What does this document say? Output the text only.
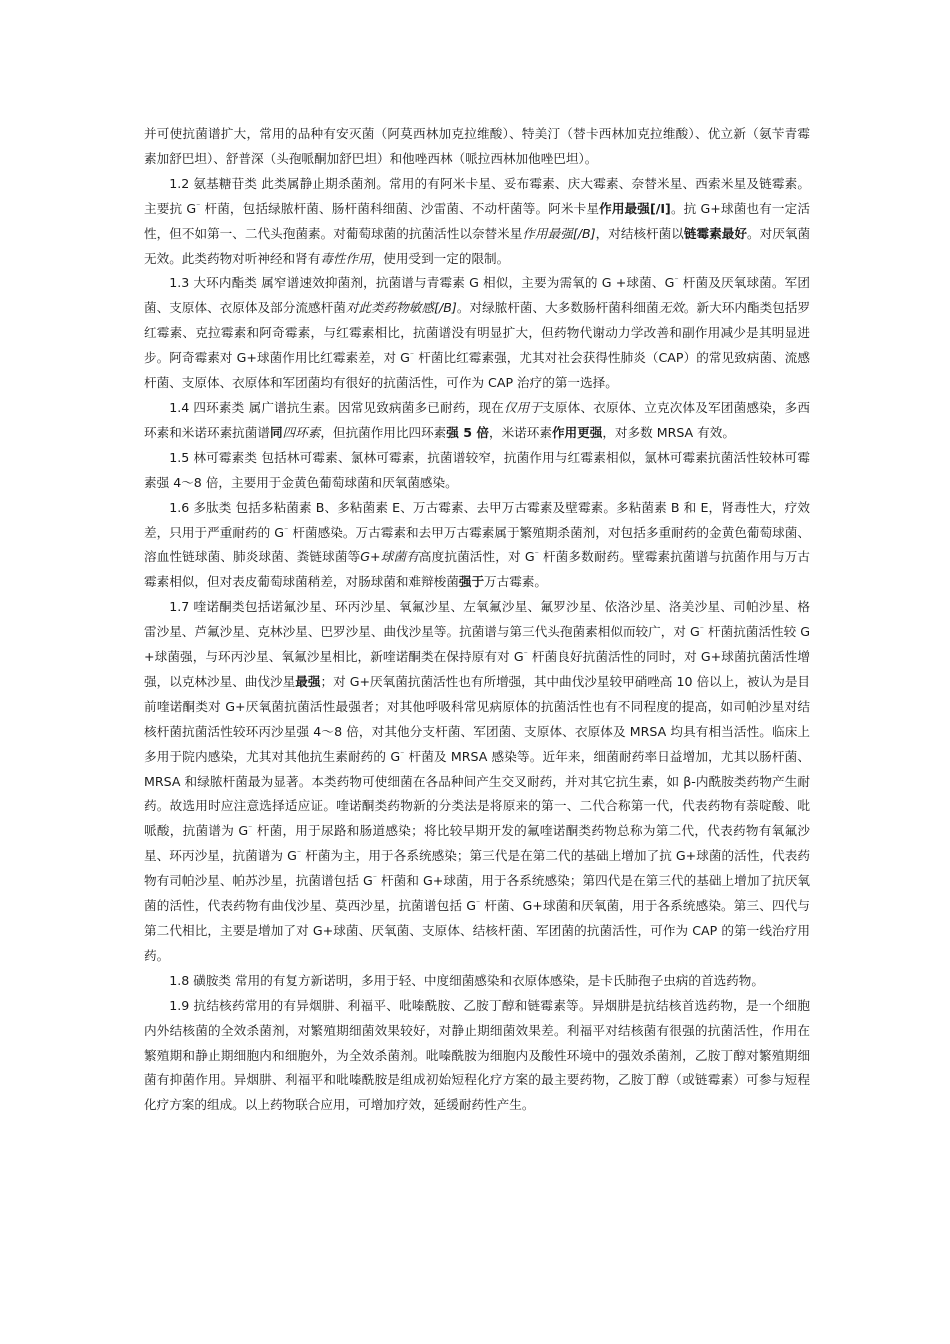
并可使抗菌谱扩大，常用的品种有安灭菌（阿莫西林加克拉维酸）、特美汀（替卡西林加克拉维酸）、优立新（氨苄青霉素加舒巴坦）、舒普深（头孢哌酮加舒巴坦）和他唑西林（哌拉西林加他唑巴坦）。

1.2 氨基糖苷类 此类属静止期杀菌剂。常用的有阿米卡星、妥布霉素、庆大霉素、奈替米星、西索米星及链霉素。主要抗 G⁻ 杆菌，包括绿脓杆菌、肠杆菌科细菌、沙雷菌、不动杆菌等。阿米卡星作用最强[/I]。抗 G+球菌也有一定活性，但不如第一、二代头孢菌素。对葡萄球菌的抗菌活性以奈替米星作用最强[/B]，对结核杆菌以链霉素最好。对厌氧菌无效。此类药物对听神经和肾有毒性作用，使用受到一定的限制。

1.3 大环内酯类 属窄谱速效抑菌剂，抗菌谱与青霉素 G 相似，主要为需氧的 G +球菌、G⁻ 杆菌及厌氧球菌。军团菌、支原体、衣原体及部分流感杆菌对此类药物敏感[/B]。对绿脓杆菌、大多数肠杆菌科细菌无效。新大环内酯类包括罗红霉素、克拉霉素和阿奇霉素，与红霉素相比，抗菌谱没有明显扩大，但药物代谢动力学改善和副作用减少是其明显进步。阿奇霉素对 G+球菌作用比红霉素差，对 G⁻ 杆菌比红霉素强，尤其对社会获得性肺炎（CAP）的常见致病菌、流感杆菌、支原体、衣原体和军团菌均有很好的抗菌活性，可作为 CAP 治疗的第一选择。

1.4 四环素类 属广谱抗生素。因常见致病菌多已耐药，现在仅用于支原体、衣原体、立克次体及军团菌感染，多西环素和米诺环素抗菌谱同四环素，但抗菌作用比四环素强 5 倍，米诺环素作用更强，对多数 MRSA 有效。

1.5 林可霉素类 包括林可霉素、氯林可霉素，抗菌谱较窄，抗菌作用与红霉素相似，氯林可霉素抗菌活性较林可霉素强 4～8 倍，主要用于金黄色葡萄球菌和厌氧菌感染。

1.6 多肽类 包括多粘菌素 B、多粘菌素 E、万古霉素、去甲万古霉素及壁霉素。多粘菌素 B 和 E，肾毒性大，疗效差，只用于严重耐药的 G⁻ 杆菌感染。万古霉素和去甲万古霉素属于繁殖期杀菌剂，对包括多重耐药的金黄色葡萄球菌、溶血性链球菌、肺炎球菌、粪链球菌等G+球菌有高度抗菌活性，对 G⁻ 杆菌多数耐药。壁霉素抗菌谱与抗菌作用与万古霉素相似，但对表皮葡萄球菌稍差，对肠球菌和难辩梭菌强于万古霉素。

1.7 喹诺酮类包括诺氟沙星、环丙沙星、氧氟沙星、左氧氟沙星、氟罗沙星、依洛沙星、洛美沙星、司帕沙星、格雷沙星、芦氟沙星、克林沙星、巴罗沙星、曲伐沙星等。抗菌谱与第三代头孢菌素相似而较广，对 G⁻ 杆菌抗菌活性较 G+球菌强，与环丙沙星、氧氟沙星相比，新喹诺酮类在保持原有对 G⁻ 杆菌良好抗菌活性的同时，对 G+球菌抗菌活性增强，以克林沙星、曲伐沙星最强；对 G+厌氧菌抗菌活性也有所增强，其中曲伐沙星较甲硝唑高 10 倍以上，被认为是目前喹诺酮类对 G+厌氧菌抗菌活性最强者；对其他呼吸科常见病原体的抗菌活性也有不同程度的提高，如司帕沙星对结核杆菌抗菌活性较环丙沙星强 4～8 倍，对其他分支杆菌、军团菌、支原体、衣原体及 MRSA 均具有相当活性。临床上多用于院内感染，尤其对其他抗生素耐药的 G⁻ 杆菌及 MRSA 感染等。近年来，细菌耐药率日益增加，尤其以肠杆菌、MRSA 和绿脓杆菌最为显著。本类药物可使细菌在各品种间产生交叉耐药，并对其它抗生素，如 β-内酰胺类药物产生耐药。故选用时应注意选择适应证。喹诺酮类药物新的分类法是将原来的第一、二代合称第一代，代表药物有萘啶酸、吡哌酸，抗菌谱为 G⁻ 杆菌，用于尿路和肠道感染；将比较早期开发的氟喹诺酮类药物总称为第二代，代表药物有氧氟沙星、环丙沙星，抗菌谱为 G⁻ 杆菌为主，用于各系统感染；第三代是在第二代的基础上增加了抗 G+球菌的活性，代表药物有司帕沙星、帕苏沙星，抗菌谱包括 G⁻ 杆菌和 G+球菌，用于各系统感染；第四代是在第三代的基础上增加了抗厌氧菌的活性，代表药物有曲伐沙星、莫西沙星，抗菌谱包括 G⁻ 杆菌、G+球菌和厌氧菌，用于各系统感染。第三、四代与第二代相比，主要是增加了对 G+球菌、厌氧菌、支原体、结核杆菌、军团菌的抗菌活性，可作为 CAP 的第一线治疗用药。

1.8 磺胺类 常用的有复方新诺明，多用于轻、中度细菌感染和衣原体感染，是卡氏肺孢子虫病的首选药物。

1.9 抗结核药常用的有异烟肼、利福平、吡嗪酰胺、乙胺丁醇和链霉素等。异烟肼是抗结核首选药物，是一个细胞内外结核菌的全效杀菌剂，对繁殖期细菌效果较好，对静止期细菌效果差。利福平对结核菌有很强的抗菌活性，作用在繁殖期和静止期细胞内和细胞外，为全效杀菌剂。吡嗪酰胺为细胞内及酸性环境中的强效杀菌剂，乙胺丁醇对繁殖期细菌有抑菌作用。异烟肼、利福平和吡嗪酰胺是组成初始短程化疗方案的最主要药物，乙胺丁醇（或链霉素）可参与短程化疗方案的组成。以上药物联合应用，可增加疗效，延缓耐药性产生。
